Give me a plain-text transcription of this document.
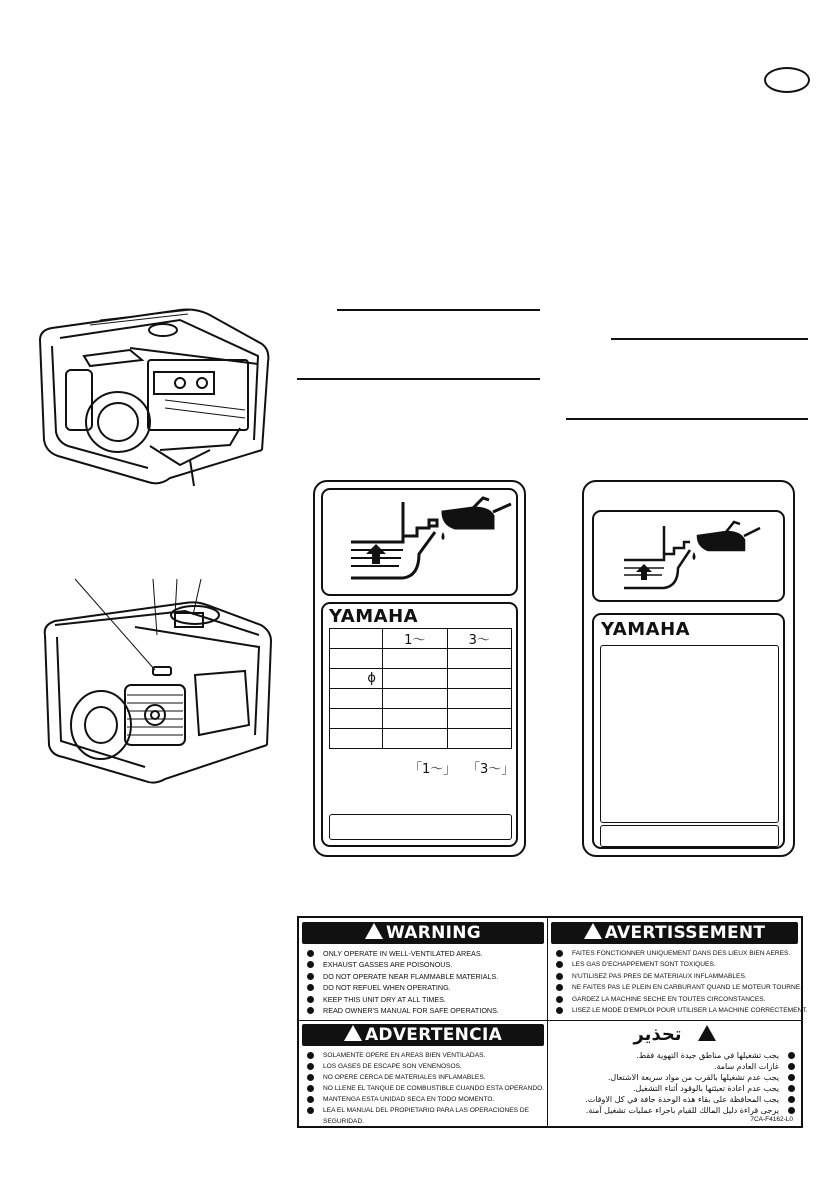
YAMAHA
	1～	3～

ϕ		

「1～」 「3～」
YAMAHA
WARNING
ONLY OPERATE IN WELL-VENTILATED AREAS.
EXHAUST GASSES ARE POISONOUS.
DO NOT OPERATE NEAR FLAMMABLE MATERIALS.
DO NOT REFUEL WHEN OPERATING.
KEEP THIS UNIT DRY AT ALL TIMES.
READ OWNER'S MANUAL FOR SAFE OPERATIONS.
AVERTISSEMENT
FAITES FONCTIONNER UNIQUEMENT DANS DES LIEUX BIEN AERES.
LES GAS D'ECHAPPEMENT SONT TOXIQUES.
N'UTILISEZ PAS PRES DE MATERIAUX INFLAMMABLES.
NE FAITES PAS LE PLEIN EN CARBURANT QUAND LE MOTEUR TOURNE.
GARDEZ LA MACHINE SECHE EN TOUTES CIRCONSTANCES.
LISEZ LE MODE D'EMPLOI POUR UTILISER LA MACHINE CORRECTEMENT.
ADVERTENCIA
SOLAMENTE OPERE EN AREAS BIEN VENTILADAS.
LOS GASES DE ESCAPE SON VENENOSOS.
NO OPERE CERCA DE MATERIALES INFLAMABLES.
NO LLENE EL TANQUE DE COMBUSTIBLE CUANDO ESTA OPERANDO.
MANTENGA ESTA UNIDAD SECA EN TODO MOMENTO.
LEA EL MANUAL DEL PROPIETARIO PARA LAS OPERACIONES DE SEGURIDAD.
تحذير
يجب تشغيلها في مناطق جيدة التهوية فقط.
غازات العادم سامة.
يجب عدم تشغيلها بالقرب من مواد سريعة الاشتعال.
يجب عدم اعادة تعبئتها بالوقود أثناء التشغيل.
يجب المحافظة على بقاء هذه الوحدة جافة في كل الاوقات.
يرجى قراءة دليل المالك للقيام باجراء عمليات تشغيل آمنة.
7CA-F4162-L0
